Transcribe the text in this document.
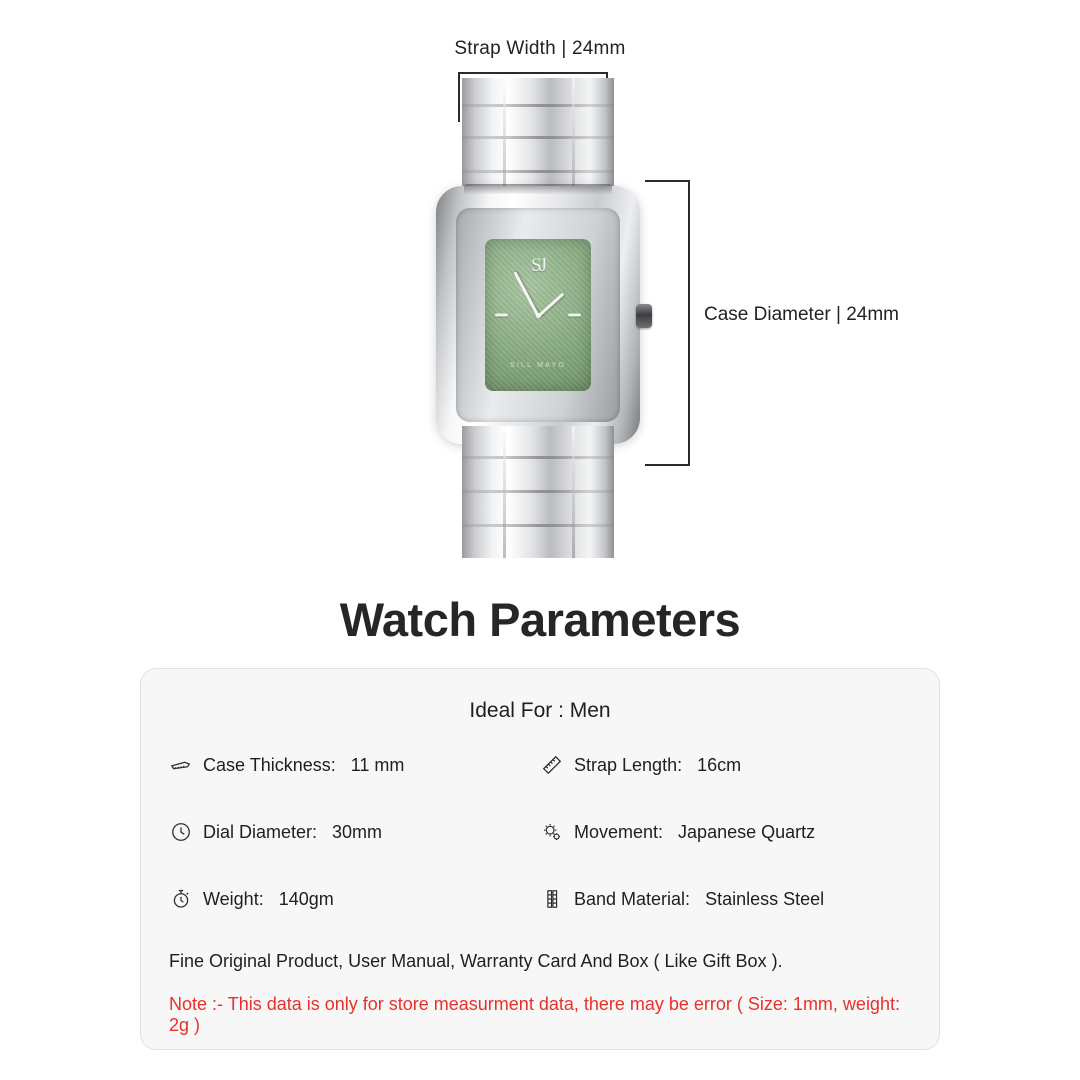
Strap Width | 24mm
Case Diameter | 24mm
SJ
SILL MAYO
Watch Parameters
Ideal For : Men
Case Thickness: 11 mm	Strap Length: 16cm
Dial Diameter: 30mm	Movement: Japanese Quartz
Weight: 140gm	Band Material: Stainless Steel
Fine Original Product, User Manual, Warranty Card And Box ( Like Gift Box ).
Note :- This data is only for store measurment data, there may be error ( Size: 1mm, weight: 2g )
